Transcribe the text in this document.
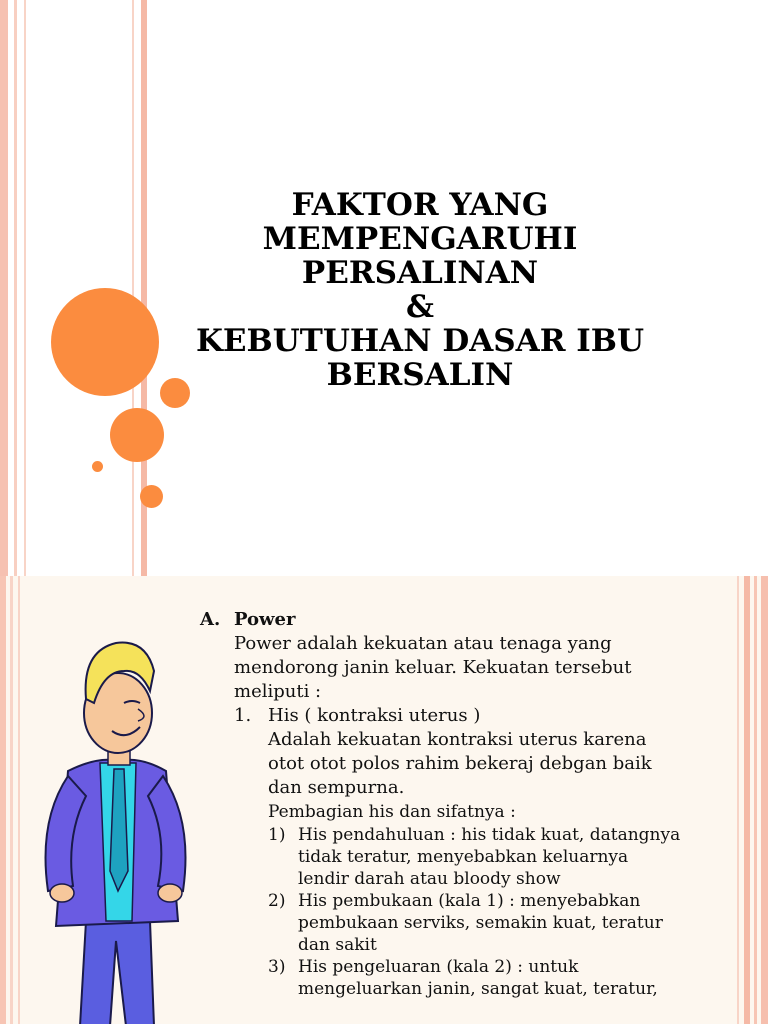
FAKTOR YANG
MEMPENGARUHI
PERSALINAN
&
KEBUTUHAN DASAR IBU
BERSALIN
A. Power
Power adalah kekuatan atau tenaga yang
mendorong janin keluar. Kekuatan tersebut
meliputi :
1. His ( kontraksi uterus )
Adalah kekuatan kontraksi uterus karena
otot otot polos rahim bekeraj debgan baik
dan sempurna.
Pembagian his dan sifatnya :
1) His pendahuluan : his tidak kuat, datangnya
tidak teratur, menyebabkan keluarnya
lendir darah atau bloody show
2) His pembukaan (kala 1) : menyebabkan
pembukaan serviks, semakin kuat, teratur
dan sakit
3) His pengeluaran (kala 2) : untuk
mengeluarkan janin, sangat kuat, teratur,
